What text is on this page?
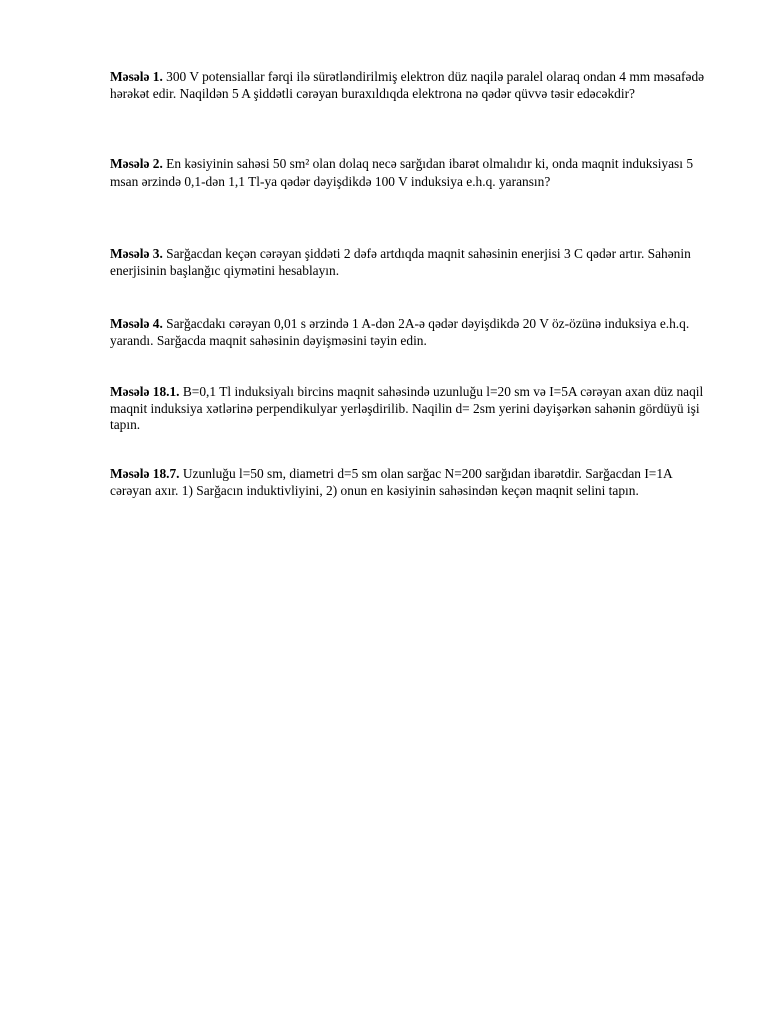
Məsələ 1. 300 V potensiallar fərqi ilə sürətləndirilmiş elektron düz naqilə paralel olaraq ondan 4 mm məsafədə hərəkət edir. Naqildən 5 A şiddətli cərəyan buraxıldıqda elektrona nə qədər qüvvə təsir edəcəkdir?

Məsələ 2. En kəsiyinin sahəsi 50 sm² olan dolaq necə sarğıdan ibarət olmalıdır ki, onda maqnit induksiyası 5 msan ərzində 0,1-dən 1,1 Tl-ya qədər dəyişdikdə 100 V induksiya e.h.q. yaransın?

Məsələ 3. Sarğacdan keçən cərəyan şiddəti 2 dəfə artdıqda maqnit sahəsinin enerjisi 3 C qədər artır. Sahənin enerjisinin başlanğıc qiymətini hesablayın.

Məsələ 4. Sarğacdakı cərəyan 0,01 s ərzində 1 A-dən 2A-ə qədər dəyişdikdə 20 V öz-özünə induksiya e.h.q. yarandı. Sarğacda maqnit sahəsinin dəyişməsini təyin edin.

Məsələ 18.1. B=0,1 Tl induksiyalı bircins maqnit sahəsində uzunluğu l=20 sm və I=5A cərəyan axan düz naqil maqnit induksiya xətlərinə perpendikulyar yerləşdirilib. Naqilin d= 2sm yerini dəyişərkən sahənin gördüyü işi tapın.

Məsələ 18.7. Uzunluğu l=50 sm, diametri d=5 sm olan sarğac N=200 sarğıdan ibarətdir. Sarğacdan I=1A cərəyan axır. 1) Sarğacın induktivliyini, 2) onun en kəsiyinin sahəsindən keçən maqnit selini tapın.
